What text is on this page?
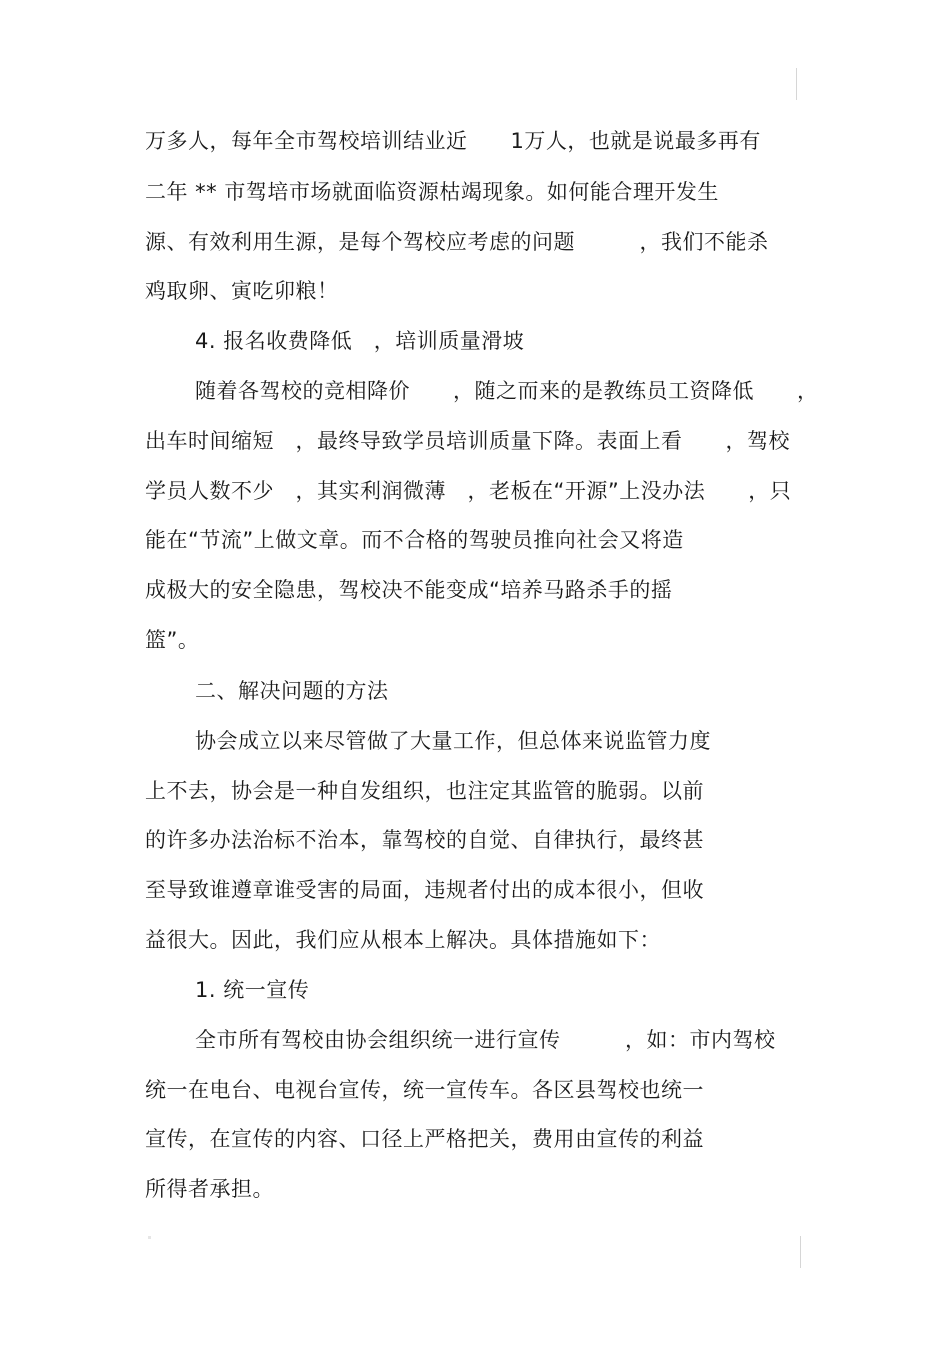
万多人，每年全市驾校培训结业近　　1万人，也就是说最多再有
二年 ** 市驾培市场就面临资源枯竭现象。如何能合理开发生
源、有效利用生源，是每个驾校应考虑的问题　　　，我们不能杀
鸡取卵、寅吃卯粮！
4. 报名收费降低　，培训质量滑坡
随着各驾校的竞相降价　　，随之而来的是教练员工资降低　　，
出车时间缩短　，最终导致学员培训质量下降。表面上看　　，驾校
学员人数不少　，其实利润微薄　，老板在“开源”上没办法　　，只
能在“节流”上做文章。而不合格的驾驶员推向社会又将造
成极大的安全隐患，驾校决不能变成“培养马路杀手的摇
篮”。
二、解决问题的方法
协会成立以来尽管做了大量工作，但总体来说监管力度
上不去，协会是一种自发组织，也注定其监管的脆弱。以前
的许多办法治标不治本，靠驾校的自觉、自律执行，最终甚
至导致谁遵章谁受害的局面，违规者付出的成本很小，但收
益很大。因此，我们应从根本上解决。具体措施如下：
1. 统一宣传
全市所有驾校由协会组织统一进行宣传　　　，如：市内驾校
统一在电台、电视台宣传，统一宣传车。各区县驾校也统一
宣传，在宣传的内容、口径上严格把关，费用由宣传的利益
所得者承担。
